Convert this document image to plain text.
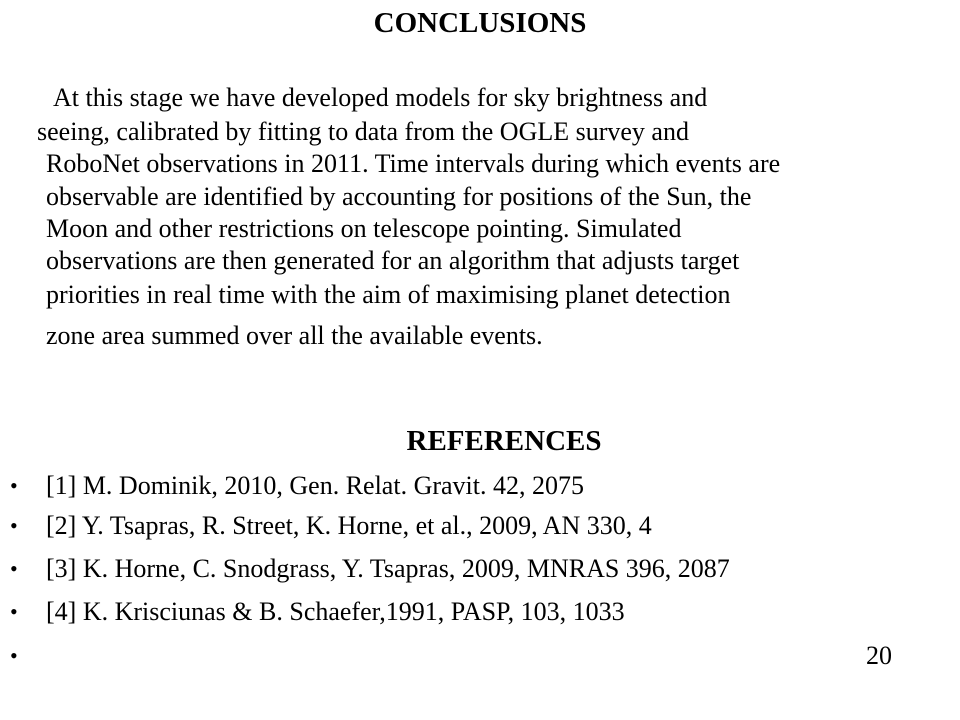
CONCLUSIONS

At this stage we have developed models for sky brightness and

seeing, calibrated by fitting to data from the OGLE survey and

RoboNet observations in 2011. Time intervals during which events are

observable are identified by accounting for positions of the Sun, the

Moon and other restrictions on telescope pointing. Simulated

observations are then generated for an algorithm that adjusts target

priorities in real time with the aim of maximising planet detection

zone area summed over all the available events.

REFERENCES
• [1] M. Dominik, 2010, Gen. Relat. Gravit. 42, 2075
• [2] Y. Tsapras, R. Street, K. Horne, et al., 2009, AN 330, 4
• [3] K. Horne, C. Snodgrass, Y. Tsapras, 2009, MNRAS 396, 2087
• [4] K. Krisciunas & B. Schaefer,1991, PASP, 103, 1033
•	20
